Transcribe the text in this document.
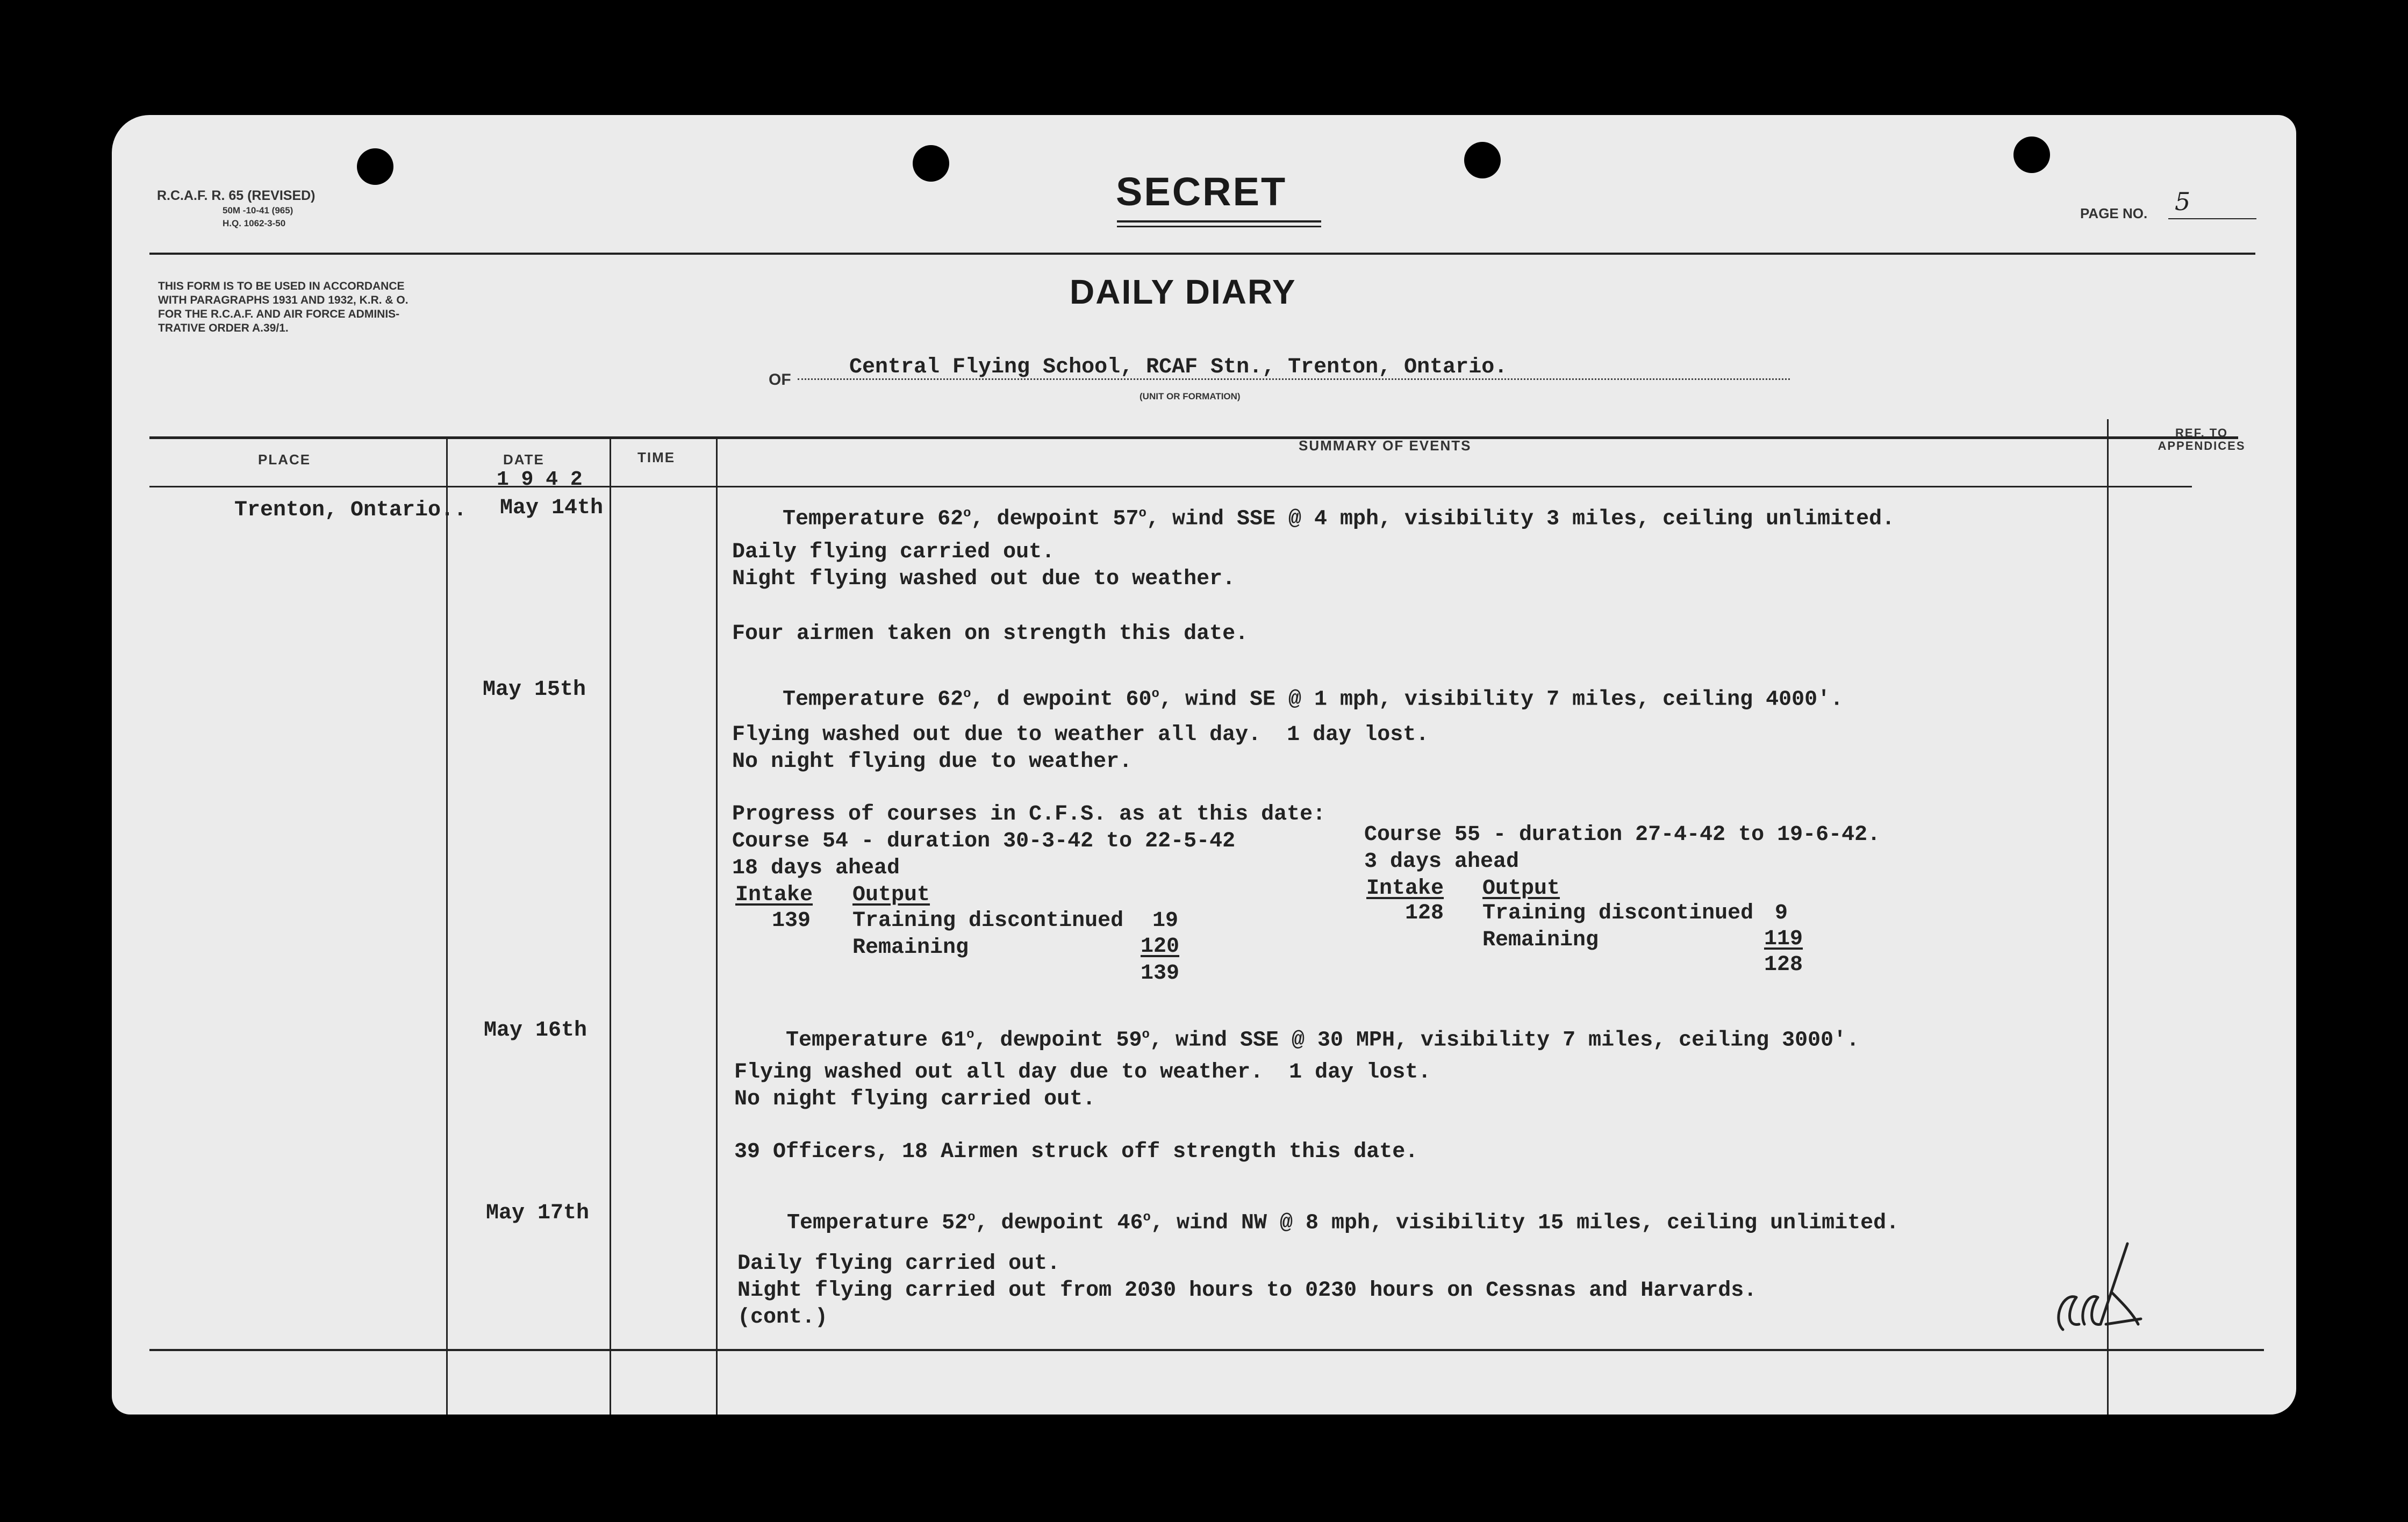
R.C.A.F. R. 65 (REVISED)
50M -10-41 (965)
H.Q. 1062-3-50
SECRET	PAGE NO. 5
THIS FORM IS TO BE USED IN ACCORDANCE
WITH PARAGRAPHS 1931 AND 1932, K.R. & O.
FOR THE R.C.A.F. AND AIR FORCE ADMINIS-
TRATIVE ORDER A.39/1.
DAILY DIARY
OF
Central Flying School, RCAF Stn., Trenton, Ontario.
(UNIT OR FORMATION)
PLACE	DATE	TIME
SUMMARY OF EVENTS
REF. TO
APPENDICES
Trenton, Ontario..
1 9 4 2
May 14th	Temperature 62$^o$, dewpoint 57$^o$, wind SSE @ 4 mph, visibility 3 miles, ceiling unlimited.

Daily flying carried out.
Night flying washed out due to weather.
Four airmen taken on strength this date.
May 15th	Temperature 62$^o$, d ewpoint 60$^o$, wind SE @ 1 mph, visibility 7 miles, ceiling 4000'.

Flying washed out due to weather all day.  1 day lost.
No night flying due to weather.
Progress of courses in C.F.S. as at this date:
Course 54 - duration 30-3-42 to 22-5-42
18 days ahead
Intake Output
139 Training discontinued 19
Remaining	120
139
Course 55 - duration 27-4-42 to 19-6-42.
3 days ahead
Intake Output
128 Training discontinued 9
Remaining	119
128
May 16th	Temperature 61$^o$, dewpoint 59$^o$, wind SSE @ 30 MPH, visibility 7 miles, ceiling 3000'.

Flying washed out all day due to weather.  1 day lost.
No night flying carried out.
39 Officers, 18 Airmen struck off strength this date.
May 17th	Temperature 52$^o$, dewpoint 46$^o$, wind NW @ 8 mph, visibility 15 miles, ceiling unlimited.

Daily flying carried out.
Night flying carried out from 2030 hours to 0230 hours on Cessnas and Harvards.
(cont.)
